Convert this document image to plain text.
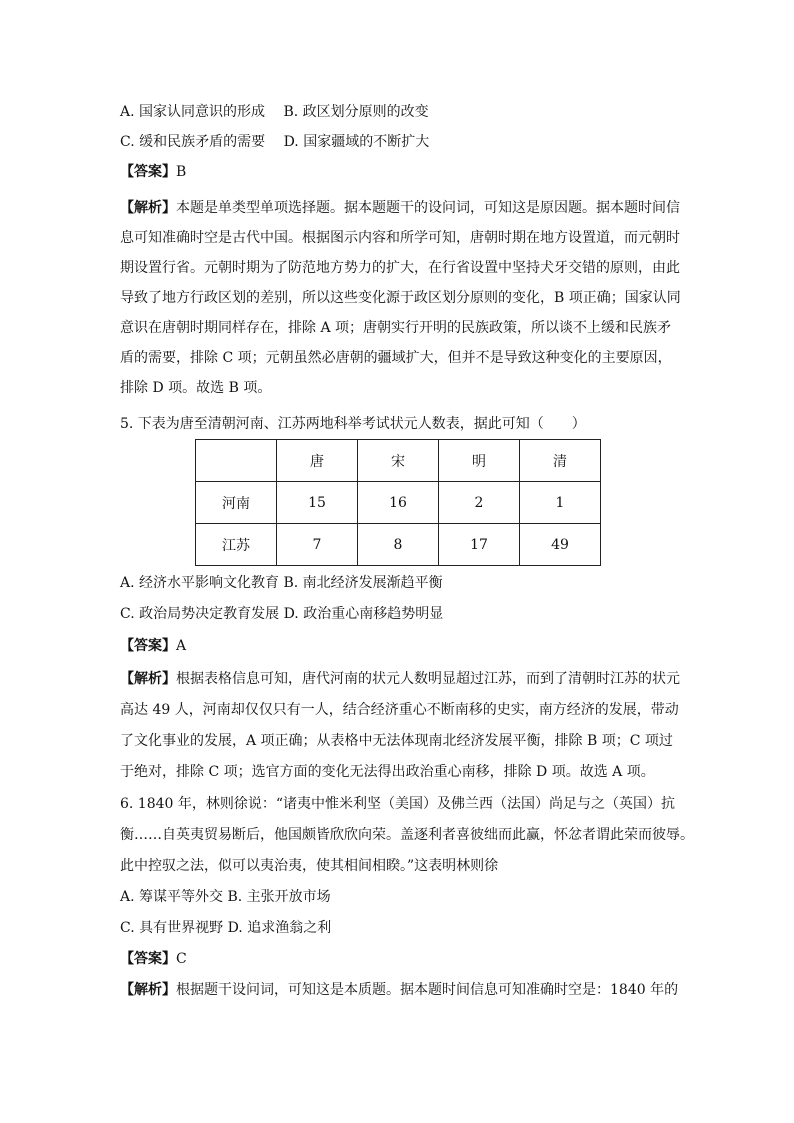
A. 国家认同意识的形成　 B. 政区划分原则的改变
C. 缓和民族矛盾的需要　 D. 国家疆域的不断扩大
【答案】B
【解析】本题是单类型单项选择题。据本题题干的设问词，可知这是原因题。据本题时间信
息可知准确时空是古代中国。根据图示内容和所学可知，唐朝时期在地方设置道，而元朝时
期设置行省。元朝时期为了防范地方势力的扩大，在行省设置中坚持犬牙交错的原则，由此
导致了地方行政区划的差别，所以这些变化源于政区划分原则的变化，B 项正确；国家认同
意识在唐朝时期同样存在，排除 A 项；唐朝实行开明的民族政策，所以谈不上缓和民族矛
盾的需要，排除 C 项；元朝虽然必唐朝的疆域扩大，但并不是导致这种变化的主要原因，
排除 D 项。故选 B 项。
5. 下表为唐至清朝河南、江苏两地科举考试状元人数表，据此可知（　　）
	唐	宋	明	清
河南	15	16	2	1
江苏	7	8	17	49
A. 经济水平影响文化教育 B. 南北经济发展渐趋平衡
C. 政治局势决定教育发展 D. 政治重心南移趋势明显
【答案】A
【解析】根据表格信息可知，唐代河南的状元人数明显超过江苏，而到了清朝时江苏的状元
高达 49 人，河南却仅仅只有一人，结合经济重心不断南移的史实，南方经济的发展，带动
了文化事业的发展，A 项正确；从表格中无法体现南北经济发展平衡，排除 B 项；C 项过
于绝对，排除 C 项；选官方面的变化无法得出政治重心南移，排除 D 项。故选 A 项。
6. 1840 年，林则徐说：“诸夷中惟米利坚（美国）及佛兰西（法国）尚足与之（英国）抗
衡……自英夷贸易断后，他国颇皆欣欣向荣。盖逐利者喜彼绌而此赢，怀忿者谓此荣而彼辱。
此中控驭之法，似可以夷治夷，使其相间相睽。”这表明林则徐
A. 筹谋平等外交 B. 主张开放市场
C. 具有世界视野 D. 追求渔翁之利
【答案】C
【解析】根据题干设问词，可知这是本质题。据本题时间信息可知准确时空是：1840 年的
